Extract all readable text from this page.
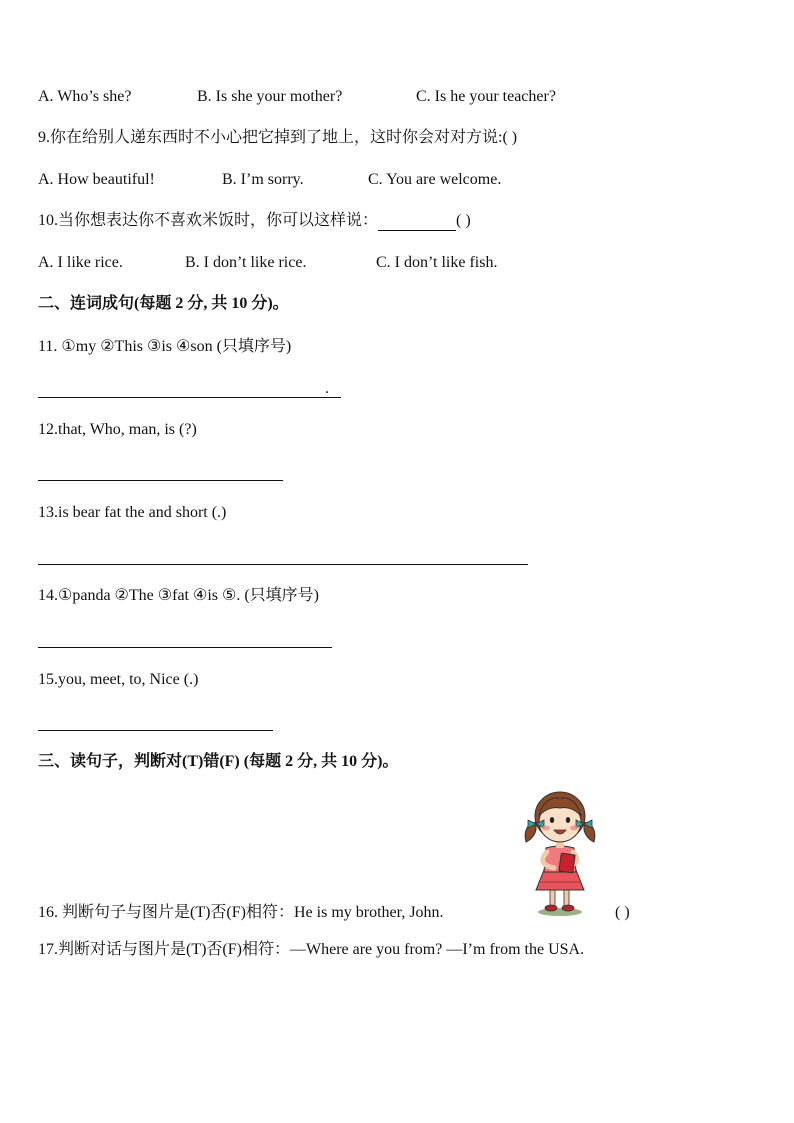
A. Who’s she?	B. Is she your mother?	C. Is he your teacher?
9.你在给别人递东西时不小心把它掉到了地上，这时你会对对方说:( )
A. How beautiful!	B. I’m sorry.	C. You are welcome.
10.当你想表达你不喜欢米饭时，你可以这样说：	( )
A. I like rice.	B. I don’t like rice.	C. I don’t like fish.
二、连词成句(每题 2 分, 共 10 分)。
11. ①my ②This ③is ④son (只填序号)
.
12.that, Who, man, is (?)
13.is bear fat the and short (.)
14.①panda ②The ③fat ④is ⑤. (只填序号)
15.you, meet, to, Nice (.)
三、读句子，判断对(T)错(F) (每题 2 分, 共 10 分)。
16. 判断句子与图片是(T)否(F)相符：He is my brother, John.	( )
17.判断对话与图片是(T)否(F)相符：—Where are you from? —I’m from the USA.
